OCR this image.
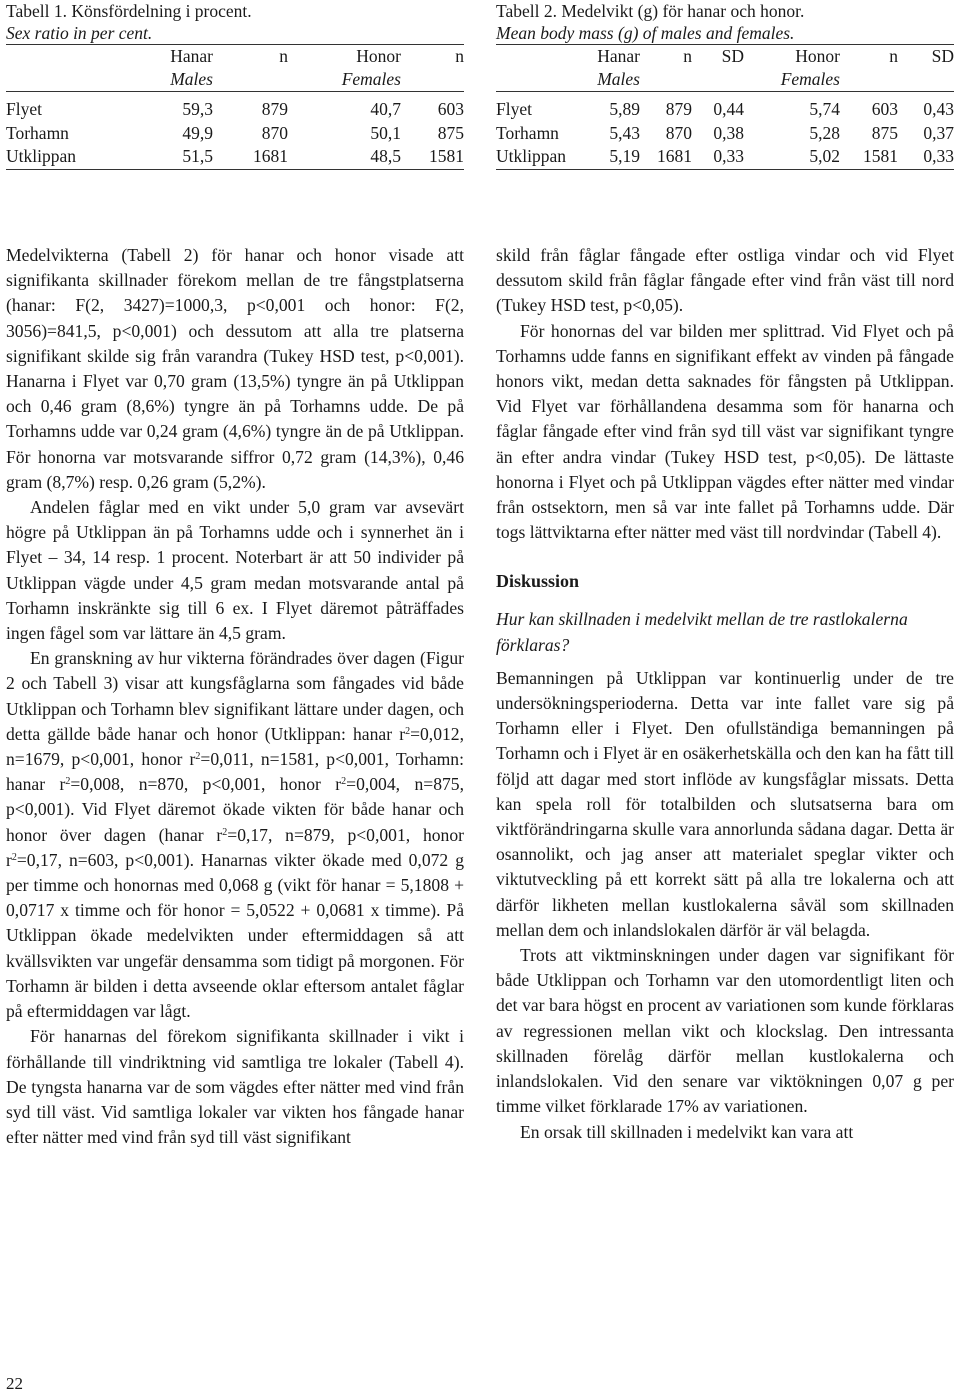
Tabell 1. Könsfördelning i procent.
Sex ratio in per cent.

	Hanar	n	Honor	n
	Males		Females	

Flyet	59,3	879	40,7	603
Torhamn	49,9	870	50,1	875
Utklippan	51,5	1681	48,5	1581

Tabell 2. Medelvikt (g) för hanar och honor.
Mean body mass (g) of males and females.

	Hanar	n	SD	Honor	n	SD
	Males			Females		

Flyet	5,89	879	0,44	5,74	603	0,43
Torhamn	5,43	870	0,38	5,28	875	0,37
Utklippan	5,19	1681	0,33	5,02	1581	0,33

Medelvikterna (Tabell 2) för hanar och honor visade att signifikanta skillnader förekom mellan de tre fångstplatserna (hanar: F(2, 3427)=1000,3, p<0,001 och honor: F(2, 3056)=841,5, p<0,001) och dessutom att alla tre platserna signifikant skilde sig från varandra (Tukey HSD test, p<0,001). Hanarna i Flyet var 0,70 gram (13,5%) tyngre än på Utklippan och 0,46 gram (8,6%) tyngre än på Torhamns udde. De på Torhamns udde var 0,24 gram (4,6%) tyngre än de på Utklippan. För honorna var motsvarande siffror 0,72 gram (14,3%), 0,46 gram (8,7%) resp. 0,26 gram (5,2%).

Andelen fåglar med en vikt under 5,0 gram var avsevärt högre på Utklippan än på Torhamns udde och i synnerhet än i Flyet – 34, 14 resp. 1 procent. Noterbart är att 50 individer på Utklippan vägde under 4,5 gram medan motsvarande antal på Torhamn inskränkte sig till 6 ex. I Flyet däremot påträffades ingen fågel som var lättare än 4,5 gram.

En granskning av hur vikterna förändrades över dagen (Figur 2 och Tabell 3) visar att kungsfåglarna som fångades vid både Utklippan och Torhamn blev signifikant lättare under dagen, och detta gällde både hanar och honor (Utklippan: hanar $r^2=0,012$, n=1679, p<0,001, honor $r^2=0,011$, n=1581, p<0,001, Torhamn: hanar $r^2=0,008$, n=870, p<0,001, honor $r^2=0,004$, n=875, p<0,001). Vid Flyet däremot ökade vikten för både hanar och honor över dagen (hanar $r^2=0,17$, n=879, p<0,001, honor $r^2=0,17$, n=603, p<0,001). Hanarnas vikter ökade med 0,072 g per timme och honornas med 0,068 g (vikt för hanar = 5,1808 + 0,0717 x timme och för honor = 5,0522 + 0,0681 x timme). På Utklippan ökade medelvikten under eftermiddagen så att kvällsvikten var ungefär densamma som tidigt på morgonen. För Torhamn är bilden i detta avseende oklar eftersom antalet fåglar på eftermiddagen var lågt.

För hanarnas del förekom signifikanta skillnader i vikt i förhållande till vindriktning vid samtliga tre lokaler (Tabell 4). De tyngsta hanarna var de som vägdes efter nätter med vind från syd till väst. Vid samtliga lokaler var vikten hos fångade hanar efter nätter med vind från syd till väst signifikant

skild från fåglar fångade efter ostliga vindar och vid Flyet dessutom skild från fåglar fångade efter vind från väst till nord (Tukey HSD test, p<0,05).

För honornas del var bilden mer splittrad. Vid Flyet och på Torhamns udde fanns en signifikant effekt av vinden på fångade honors vikt, medan detta saknades för fångsten på Utklippan. Vid Flyet var förhållandena desamma som för hanarna och fåglar fångade efter vind från syd till väst var signifikant tyngre än efter andra vindar (Tukey HSD test, p<0,05). De lättaste honorna i Flyet och på Utklippan vägdes efter nätter med vindar från ostsektorn, men så var inte fallet på Torhamns udde. Där togs lättviktarna efter nätter med väst till nordvindar (Tabell 4).

Diskussion

Hur kan skillnaden i medelvikt mellan de tre rastlokalerna förklaras?

Bemanningen på Utklippan var kontinuerlig under de tre undersökningsperioderna. Detta var inte fallet vare sig på Torhamn eller i Flyet. Den ofullständiga bemanningen på Torhamn och i Flyet är en osäkerhetskälla och den kan ha fått till följd att dagar med stort inflöde av kungsfåglar missats. Detta kan spela roll för totalbilden och slutsatserna bara om viktförändringarna skulle vara annorlunda sådana dagar. Detta är osannolikt, och jag anser att materialet speglar vikter och viktutveckling på ett korrekt sätt på alla tre lokalerna och att därför likheten mellan kustlokalerna såväl som skillnaden mellan dem och inlandslokalen därför är väl belagda.

Trots att viktminskningen under dagen var signifikant för både Utklippan och Torhamn var den utomordentligt liten och det var bara högst en procent av variationen som kunde förklaras av regressionen mellan vikt och klockslag. Den intressanta skillnaden förelåg därför mellan kustlokalerna och inlandslokalen. Vid den senare var viktökningen 0,07 g per timme vilket förklarade 17% av variationen.

En orsak till skillnaden i medelvikt kan vara att

22
